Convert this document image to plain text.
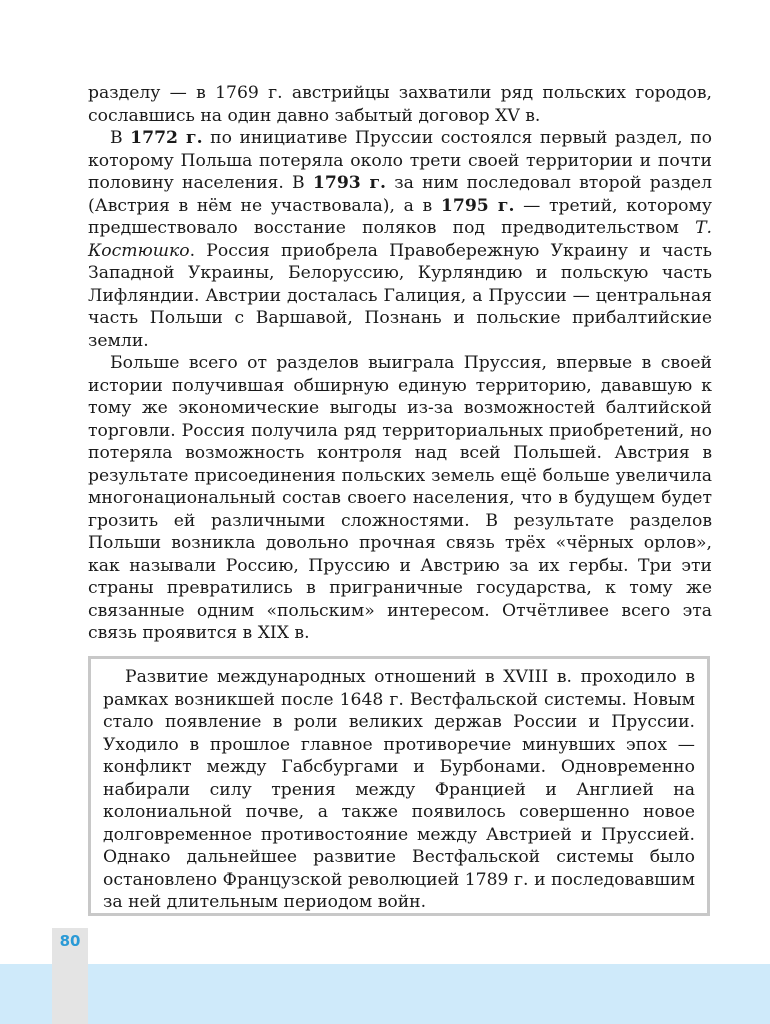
разделу — в 1769 г. австрийцы захватили ряд польских городов, сославшись на один давно забытый договор XV в.

В 1772 г. по инициативе Пруссии состоялся первый раздел, по которому Польша потеряла около трети своей территории и почти половину населения. В 1793 г. за ним последовал второй раздел (Австрия в нём не участвовала), а в 1795 г. — третий, которому предшествовало восстание поляков под предводительством Т. Костюшко. Россия приобрела Правобережную Украину и часть Западной Украины, Белоруссию, Курляндию и польскую часть Лифляндии. Австрии досталась Галиция, а Пруссии — центральная часть Польши с Варшавой, Познань и польские прибалтийские земли.

Больше всего от разделов выиграла Пруссия, впервые в своей истории получившая обширную единую территорию, дававшую к тому же экономические выгоды из-за возможностей балтийской торговли. Россия получила ряд территориальных приобретений, но потеряла возможность контроля над всей Польшей. Австрия в результате присоединения польских земель ещё больше увеличила многонациональный состав своего населения, что в будущем будет грозить ей различными сложностями. В результате разделов Польши возникла довольно прочная связь трёх «чёрных орлов», как называли Россию, Пруссию и Австрию за их гербы. Три эти страны превратились в приграничные государства, к тому же связанные одним «польским» интересом. Отчётливее всего эта связь проявится в XIX в.

Развитие международных отношений в XVIII в. проходило в рамках возникшей после 1648 г. Вестфальской системы. Новым стало появление в роли великих держав России и Пруссии. Уходило в прошлое главное противоречие минувших эпох — конфликт между Габсбургами и Бурбонами. Одновременно набирали силу трения между Францией и Англией на колониальной почве, а также появилось совершенно новое долговременное противостояние между Австрией и Пруссией. Однако дальнейшее развитие Вестфальской системы было остановлено Французской революцией 1789 г. и последовавшим за ней длительным периодом войн.

80
